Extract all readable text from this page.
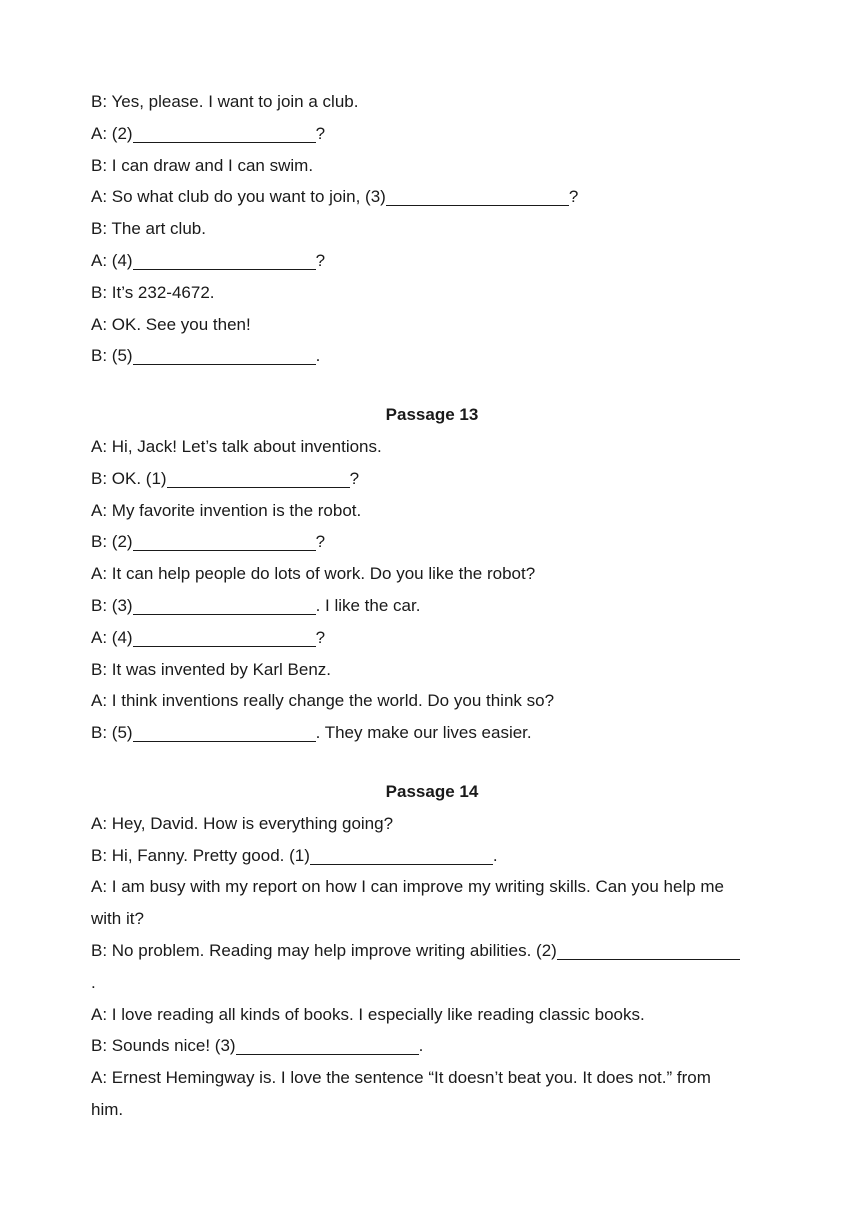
B: Yes, please. I want to join a club.
A: (2)	?
B: I can draw and I can swim.
A: So what club do you want to join, (3)	?
B: The art club.
A: (4)	?
B: It’s 232-4672.
A: OK. See you then!
B: (5)	.
Passage 13
A: Hi, Jack! Let’s talk about inventions.
B: OK. (1)	?
A: My favorite invention is the robot.
B: (2)	?
A: It can help people do lots of work. Do you like the robot?
B: (3)	. I like the car.
A: (4)	?
B: It was invented by Karl Benz.
A: I think inventions really change the world. Do you think so?
B: (5)	. They make our lives easier.
Passage 14
A: Hey, David. How is everything going?
B: Hi, Fanny. Pretty good. (1)	.
A: I am busy with my report on how I can improve my writing skills. Can you help me
with it?
B: No problem. Reading may help improve writing abilities. (2)
.
A: I love reading all kinds of books. I especially like reading classic books.
B: Sounds nice! (3)	.
A: Ernest Hemingway is. I love the sentence “It doesn’t beat you. It does not.” from
him.
